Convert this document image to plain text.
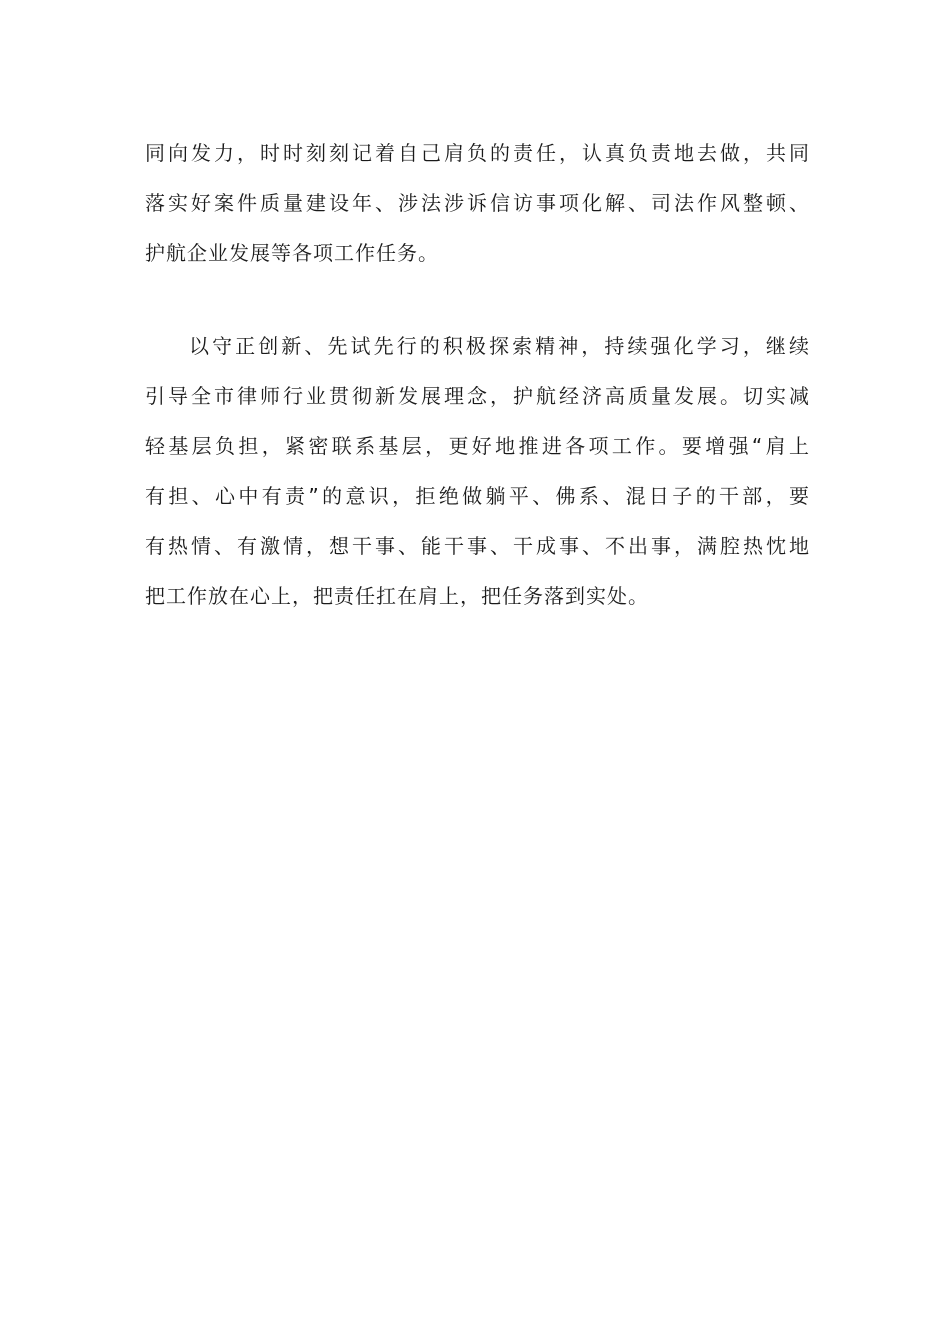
同向发力，时时刻刻记着自己肩负的责任，认真负责地去做，共同
落实好案件质量建设年、涉法涉诉信访事项化解、司法作风整顿、
护航企业发展等各项工作任务。
以守正创新、先试先行的积极探索精神，持续强化学习，继续
引导全市律师行业贯彻新发展理念，护航经济高质量发展。切实减
轻基层负担，紧密联系基层，更好地推进各项工作。要增强“肩上
有担、心中有责”的意识，拒绝做躺平、佛系、混日子的干部，要
有热情、有激情，想干事、能干事、干成事、不出事，满腔热忱地
把工作放在心上，把责任扛在肩上，把任务落到实处。
